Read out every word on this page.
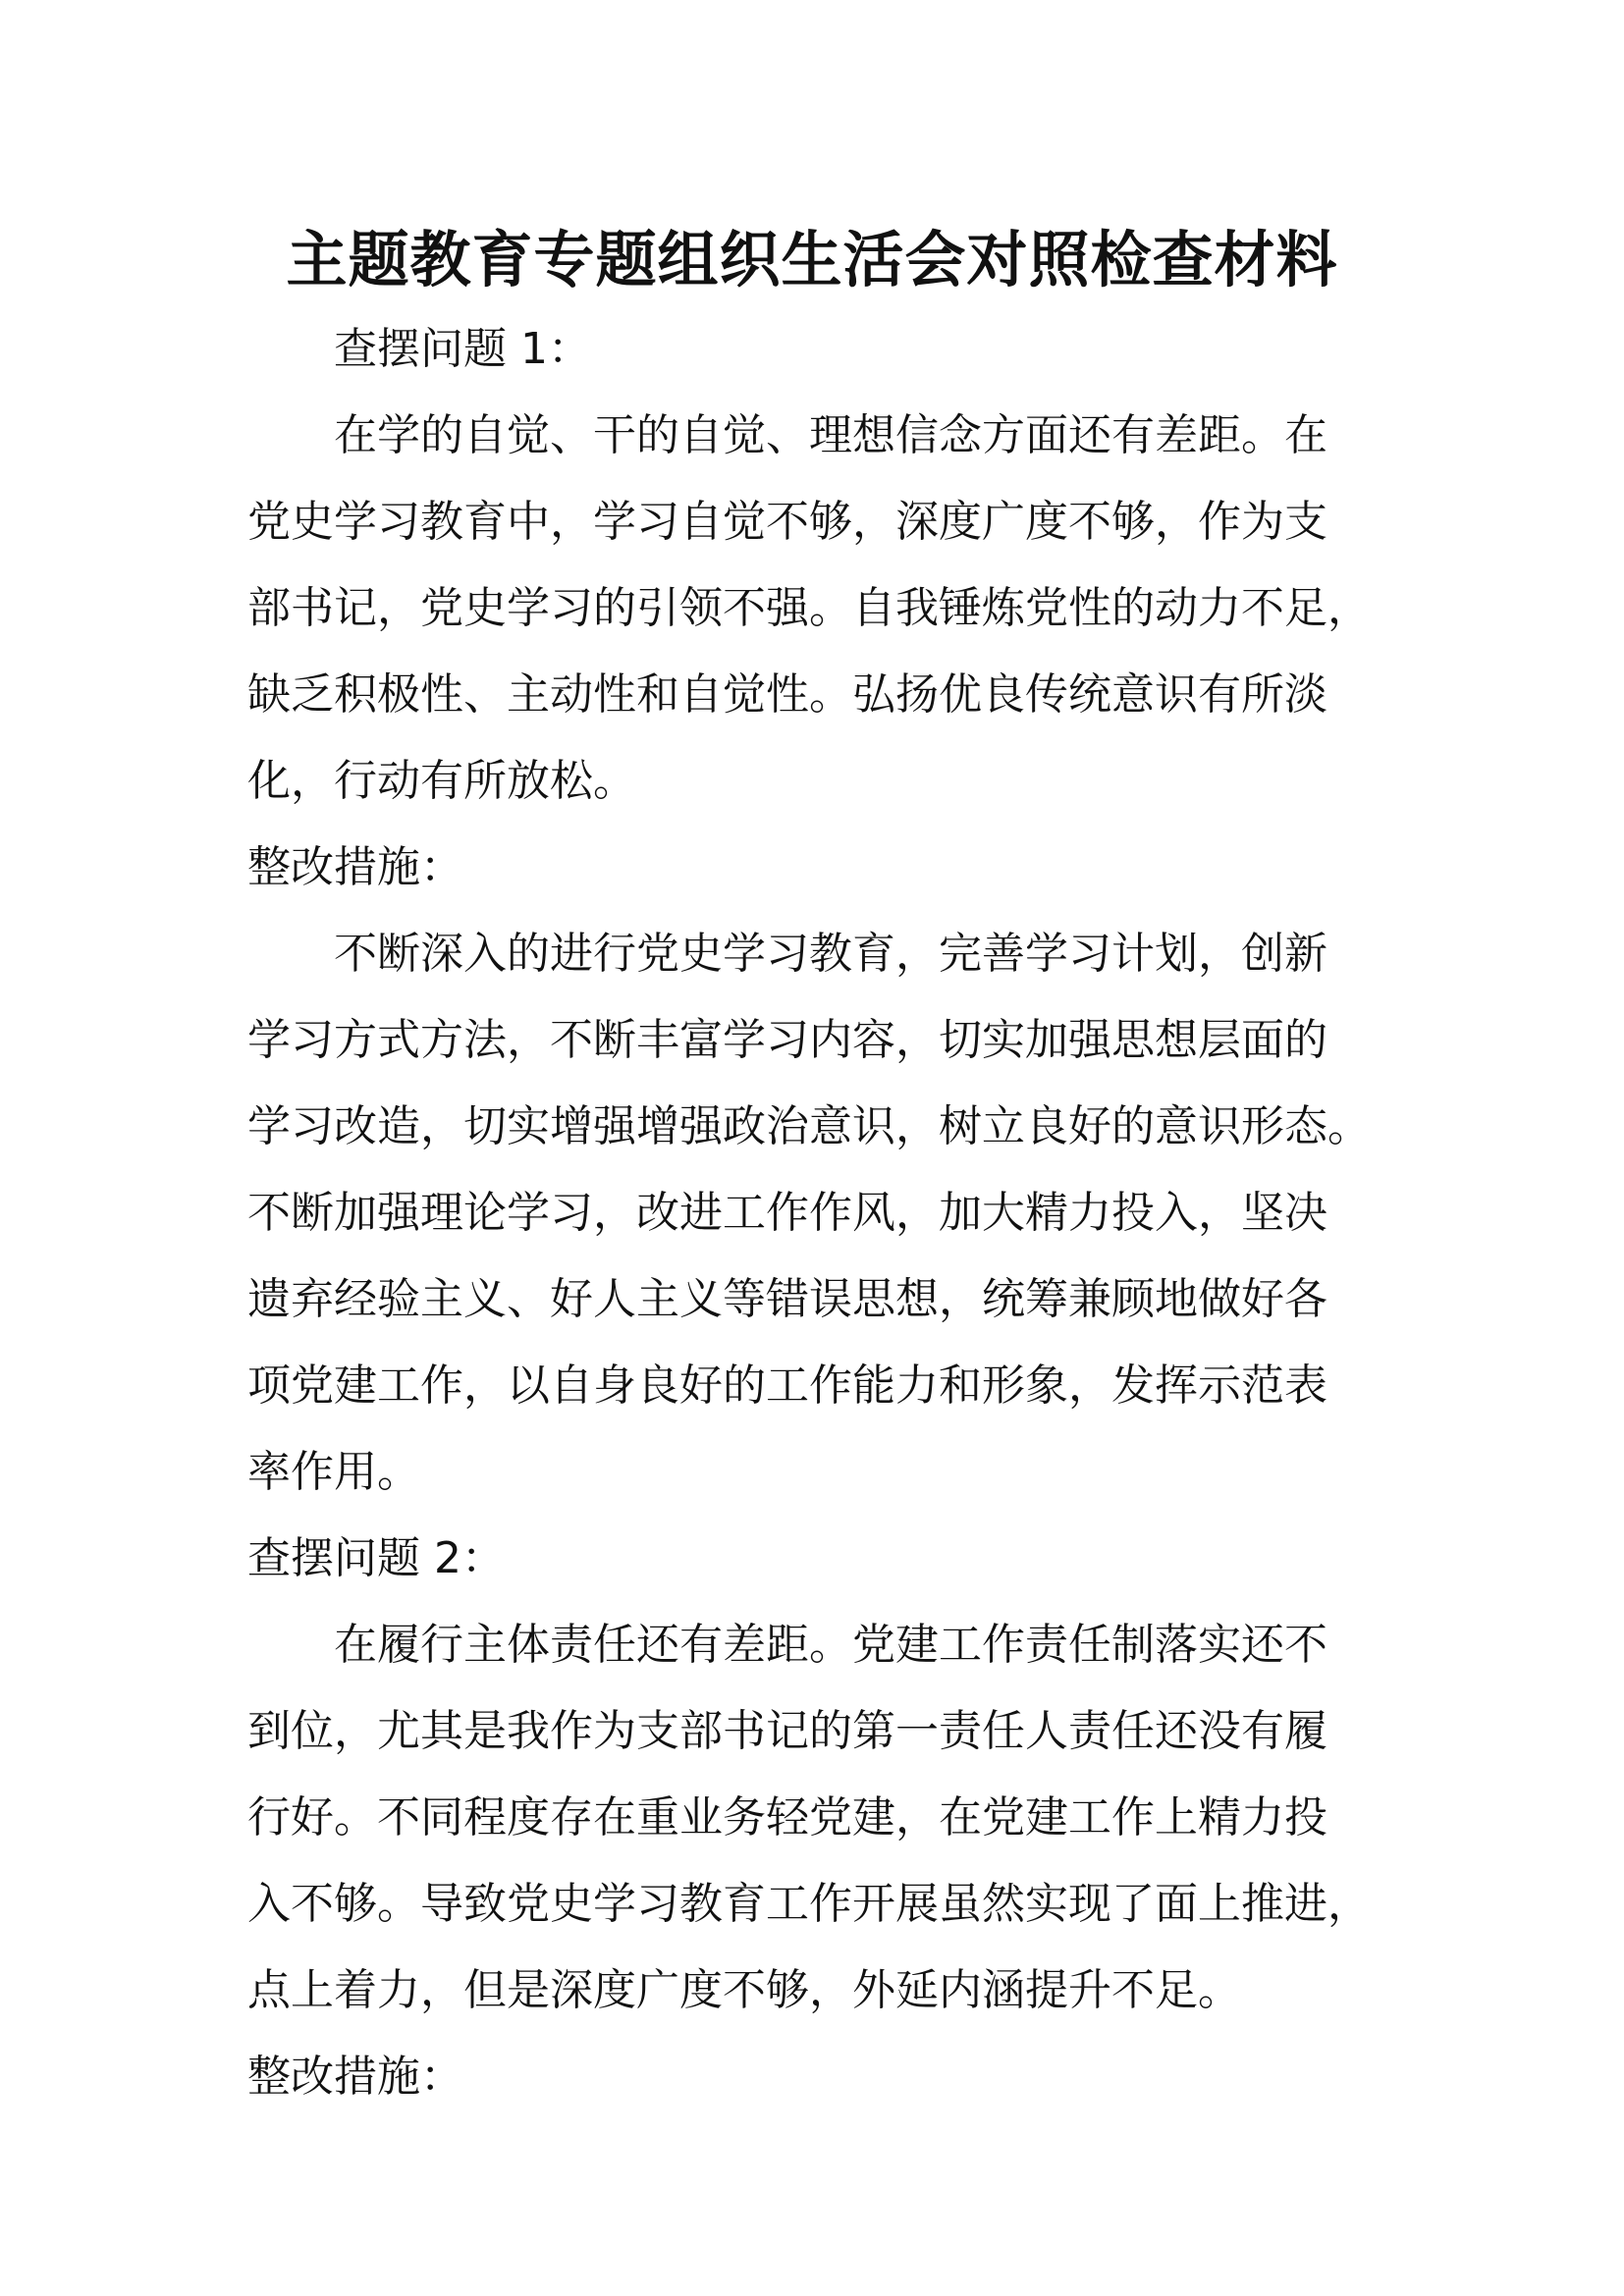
主题教育专题组织生活会对照检查材料
查摆问题 1：
在学的自觉、干的自觉、理想信念方面还有差距。在
党史学习教育中，学习自觉不够，深度广度不够，作为支
部书记，党史学习的引领不强。自我锤炼党性的动力不足，
缺乏积极性、主动性和自觉性。弘扬优良传统意识有所淡
化，行动有所放松。
整改措施：
不断深入的进行党史学习教育，完善学习计划，创新
学习方式方法，不断丰富学习内容，切实加强思想层面的
学习改造，切实增强增强政治意识，树立良好的意识形态。
不断加强理论学习，改进工作作风，加大精力投入，坚决
遗弃经验主义、好人主义等错误思想，统筹兼顾地做好各
项党建工作，以自身良好的工作能力和形象，发挥示范表
率作用。
查摆问题 2：
在履行主体责任还有差距。党建工作责任制落实还不
到位，尤其是我作为支部书记的第一责任人责任还没有履
行好。不同程度存在重业务轻党建，在党建工作上精力投
入不够。导致党史学习教育工作开展虽然实现了面上推进，
点上着力，但是深度广度不够，外延内涵提升不足。
整改措施：
